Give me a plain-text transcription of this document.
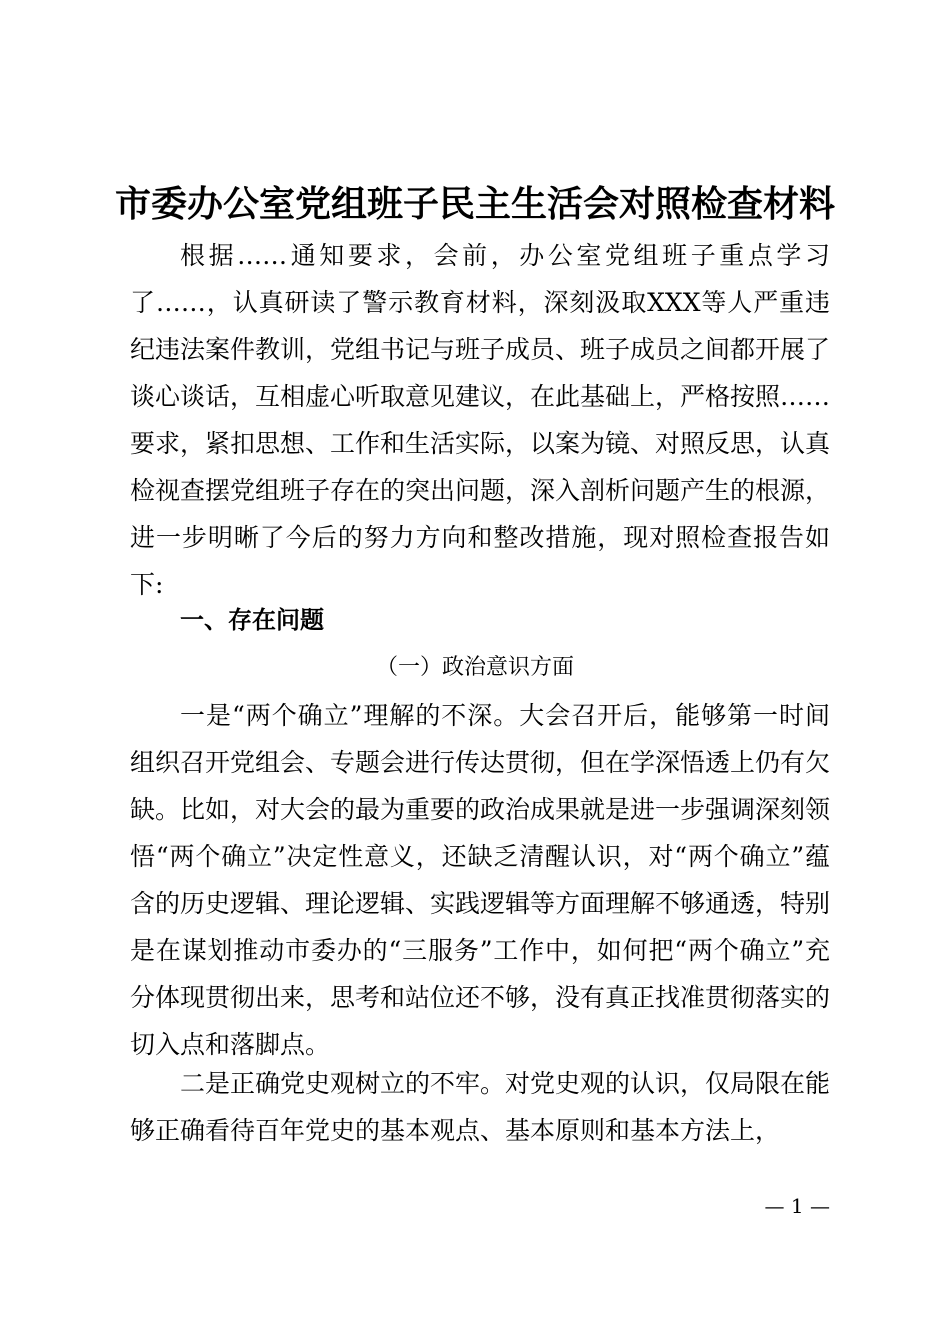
市委办公室党组班子民主生活会对照检查材料

根据……通知要求，会前，办公室党组班子重点学习了……，认真研读了警示教育材料，深刻汲取XXX等人严重违纪违法案件教训，党组书记与班子成员、班子成员之间都开展了谈心谈话，互相虚心听取意见建议，在此基础上，严格按照……要求，紧扣思想、工作和生活实际，以案为镜、对照反思，认真检视查摆党组班子存在的突出问题，深入剖析问题产生的根源，进一步明晰了今后的努力方向和整改措施，现对照检查报告如下:

一、存在问题
（一）政治意识方面

一是“两个确立”理解的不深。大会召开后，能够第一时间组织召开党组会、专题会进行传达贯彻，但在学深悟透上仍有欠缺。比如，对大会的最为重要的政治成果就是进一步强调深刻领悟“两个确立”决定性意义，还缺乏清醒认识，对“两个确立”蕴含的历史逻辑、理论逻辑、实践逻辑等方面理解不够通透，特别是在谋划推动市委办的“三服务”工作中，如何把“两个确立”充分体现贯彻出来，思考和站位还不够，没有真正找准贯彻落实的切入点和落脚点。

二是正确党史观树立的不牢。对党史观的认识，仅局限在能够正确看待百年党史的基本观点、基本原则和基本方法上，

— 1 —
